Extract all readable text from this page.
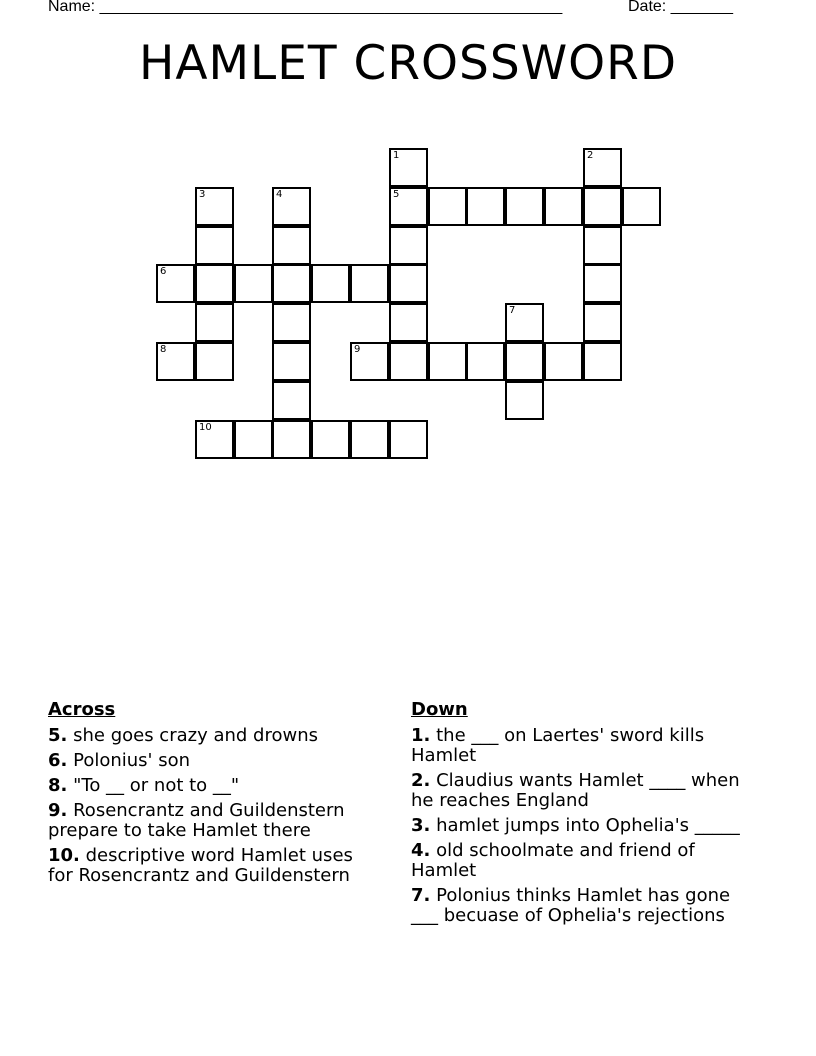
Name: ____________________________________________________	Date: _______
HAMLET CROSSWORD
1
5
2
3	4
6
7
8	9
10
Across
5. she goes crazy and drowns
6. Polonius' son
8. "To __ or not to __"
9. Rosencrantz and Guildenstern prepare to take Hamlet there
10. descriptive word Hamlet uses for Rosencrantz and Guildenstern
Down
1. the ___ on Laertes' sword kills Hamlet
2. Claudius wants Hamlet ____ when he reaches England
3. hamlet jumps into Ophelia's _____
4. old schoolmate and friend of Hamlet
7. Polonius thinks Hamlet has gone ___ becuase of Ophelia's rejections
